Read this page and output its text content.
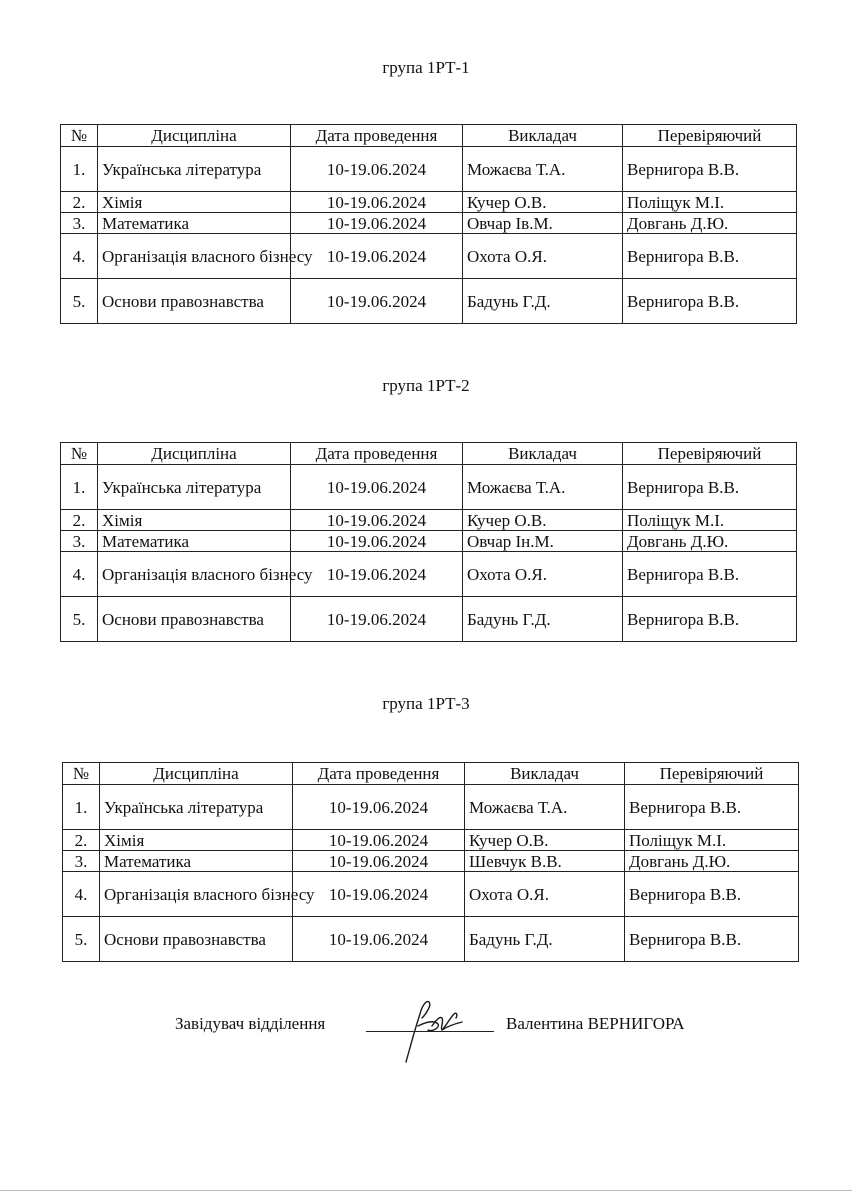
група 1РТ-1
№	Дисципліна	Дата проведення	Викладач	Перевіряючий
1.	Українська література	10-19.06.2024	Можаєва Т.А.	Вернигора В.В.
2.	Хімія	10-19.06.2024	Кучер О.В.	Поліщук М.І.
3.	Математика	10-19.06.2024	Овчар Ів.М.	Довгань Д.Ю.
4.	Організація власного бізнесу	10-19.06.2024	Охота О.Я.	Вернигора В.В.
5.	Основи правознавства	10-19.06.2024	Бадунь Г.Д.	Вернигора В.В.
група 1РТ-2
№	Дисципліна	Дата проведення	Викладач	Перевіряючий
1.	Українська література	10-19.06.2024	Можаєва Т.А.	Вернигора В.В.
2.	Хімія	10-19.06.2024	Кучер О.В.	Поліщук М.І.
3.	Математика	10-19.06.2024	Овчар Ін.М.	Довгань Д.Ю.
4.	Організація власного бізнесу	10-19.06.2024	Охота О.Я.	Вернигора В.В.
5.	Основи правознавства	10-19.06.2024	Бадунь Г.Д.	Вернигора В.В.
група 1РТ-3
№	Дисципліна	Дата проведення	Викладач	Перевіряючий
1.	Українська література	10-19.06.2024	Можаєва Т.А.	Вернигора В.В.
2.	Хімія	10-19.06.2024	Кучер О.В.	Поліщук М.І.
3.	Математика	10-19.06.2024	Шевчук В.В.	Довгань Д.Ю.
4.	Організація власного бізнесу	10-19.06.2024	Охота О.Я.	Вернигора В.В.
5.	Основи правознавства	10-19.06.2024	Бадунь Г.Д.	Вернигора В.В.
Завідувач відділення	Валентина ВЕРНИГОРА
